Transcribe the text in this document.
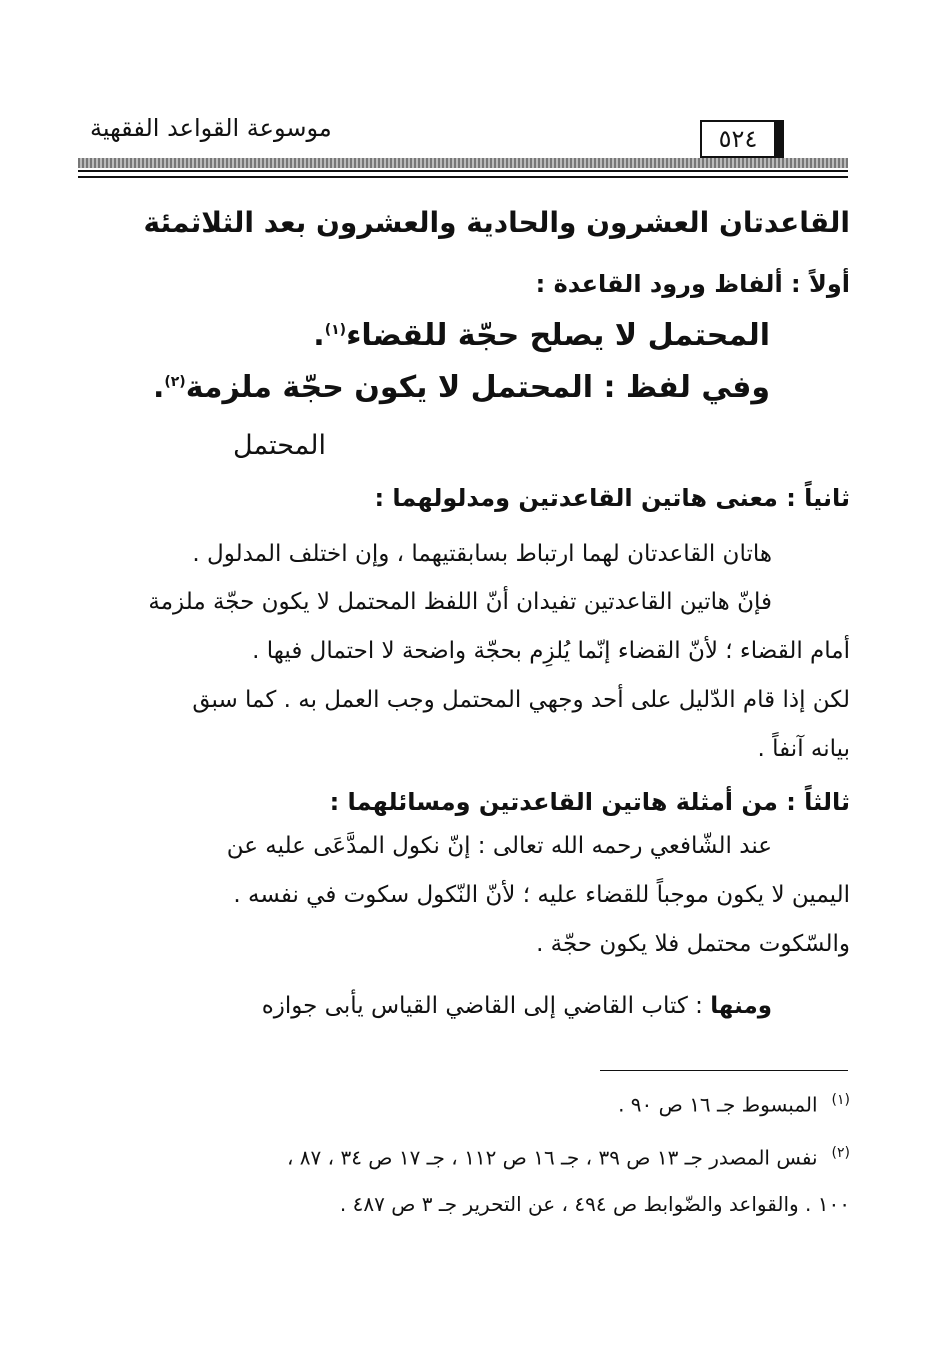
موسوعة القواعد الفقهية	٥٢٤
القاعدتان العشرون والحادية والعشرون بعد الثلاثمئة
أولاً : ألفاظ ورود القاعدة :
المحتمل لا يصلح حجّة للقضاء$^{(١)}$.
وفي لفظ : المحتمل لا يكون حجّة ملزمة$^{(٢)}$.
المحتمل
ثانياً : معنى هاتين القاعدتين ومدلولهما :
هاتان القاعدتان لهما ارتباط بسابقتيهما ، وإن اختلف المدلول .
فإنّ هاتين القاعدتين تفيدان أنّ اللفظ المحتمل لا يكون حجّة ملزمة
أمام القضاء ؛ لأنّ القضاء إنّما يُلزِم بحجّة واضحة لا احتمال فيها .
لكن إذا قام الدّليل على أحد وجهي المحتمل وجب العمل به . كما سبق
بيانه آنفاً .
ثالثاً : من أمثلة هاتين القاعدتين ومسائلهما :
عند الشّافعي رحمه الله تعالى : إنّ نكول المدَّعَى عليه عن
اليمين لا يكون موجباً للقضاء عليه ؛ لأنّ النّكول سكوت في نفسه .
والسّكوت محتمل فلا يكون حجّة .
ومنها : كتاب القاضي إلى القاضي القياس يأبى جوازه
$^{(١)}$المبسوط جـ ١٦ ص ٩٠ .
$^{(٢)}$نفس المصدر جـ ١٣ ص ٣٩ ، جـ ١٦ ص ١١٢ ، جـ ١٧ ص ٣٤ ، ٨٧ ،
١٠٠ . والقواعد والضّوابط ص ٤٩٤ ، عن التحرير جـ ٣ ص ٤٨٧ .
